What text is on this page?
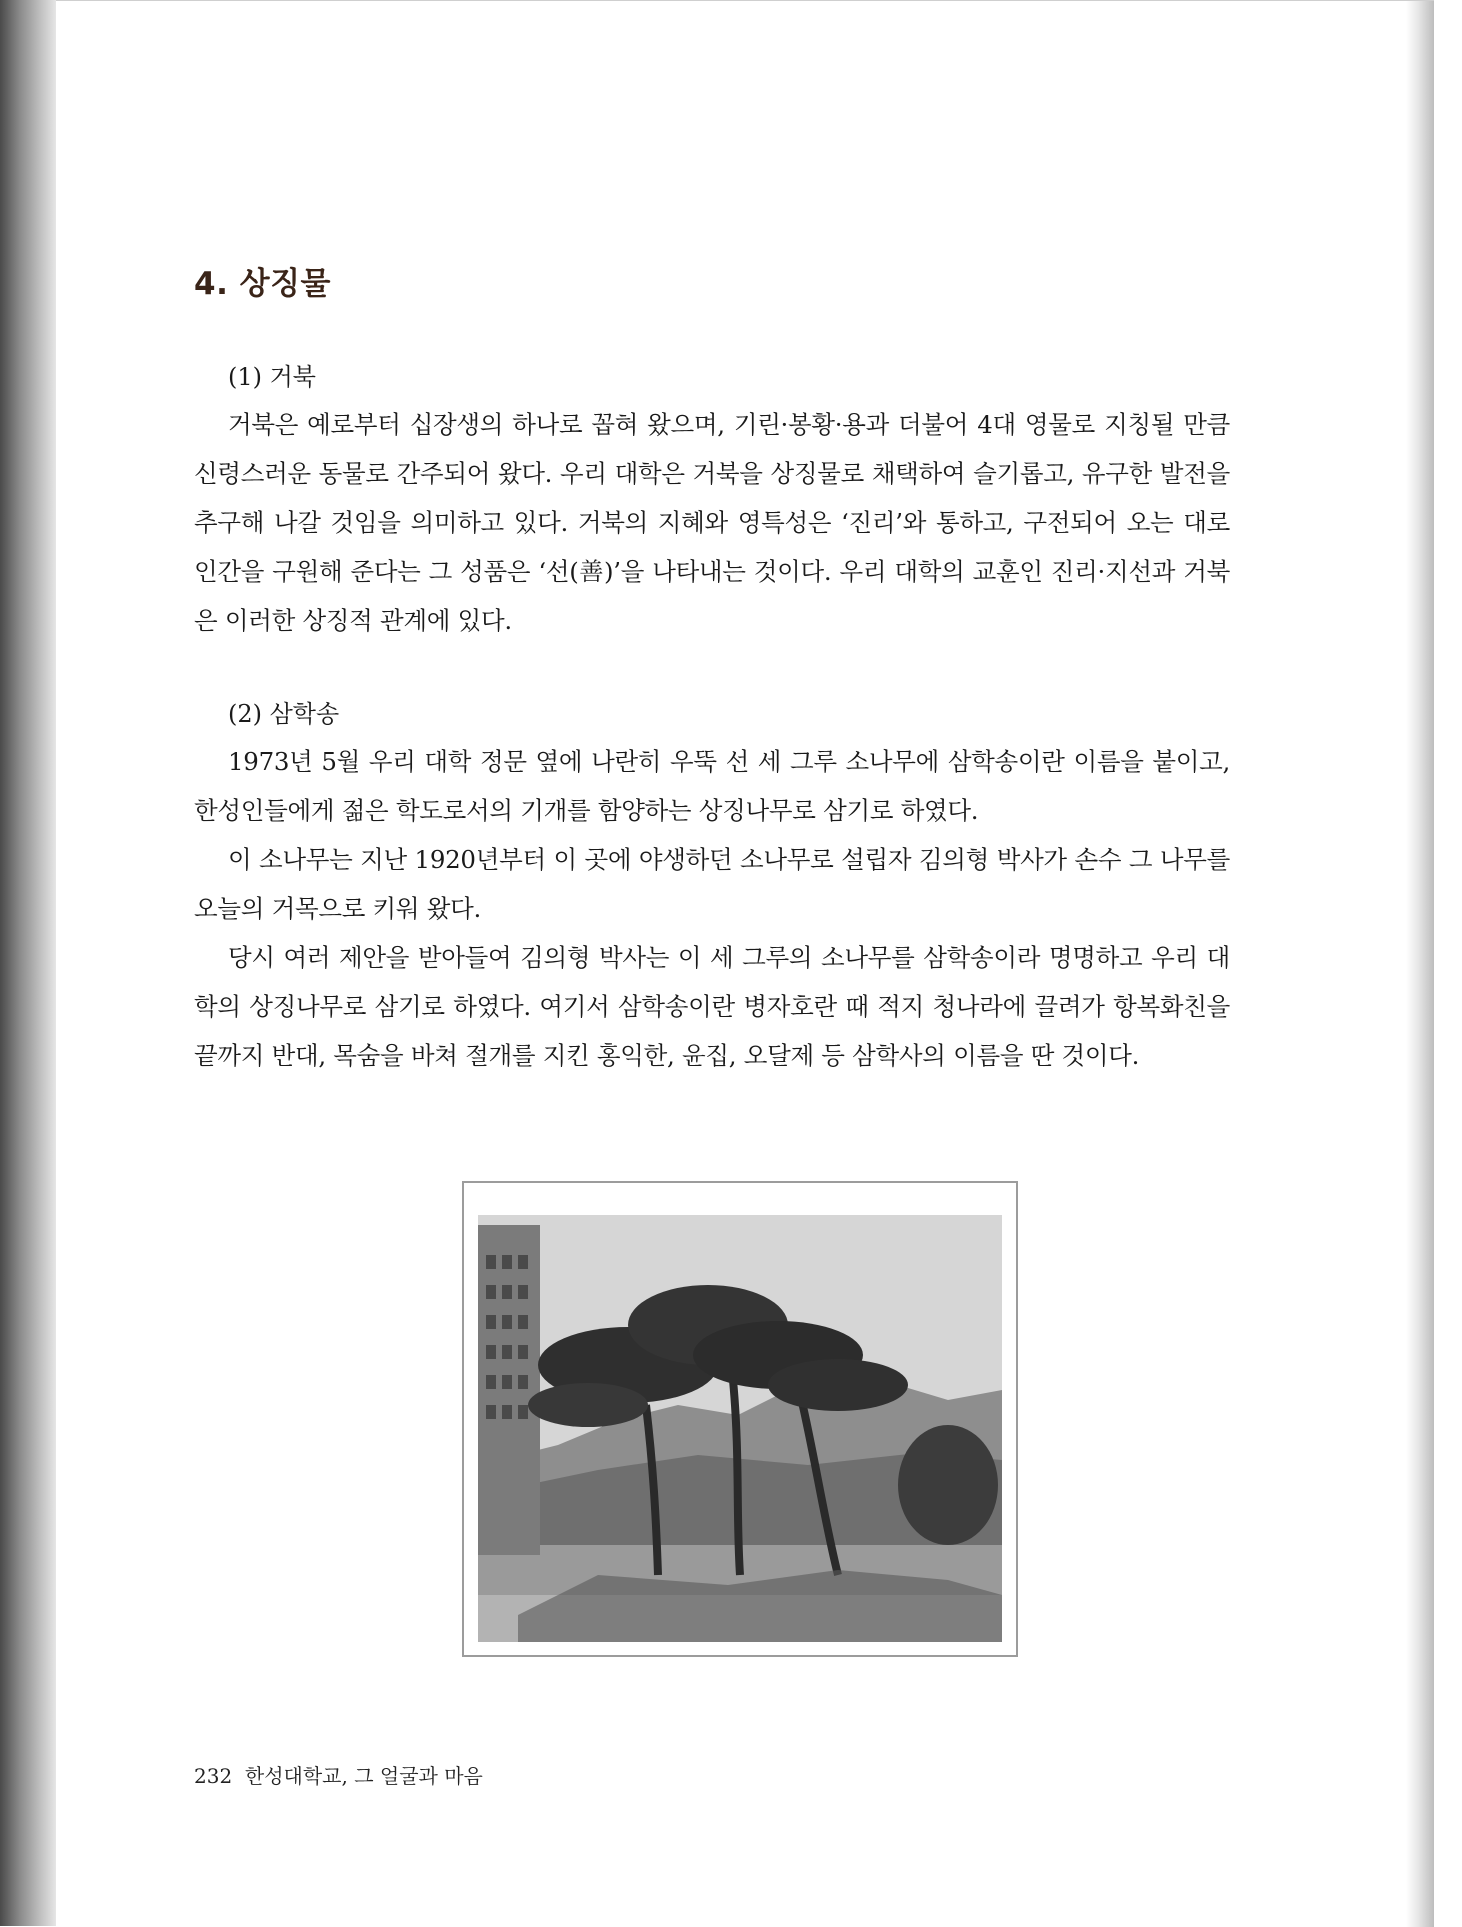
4. 상징물

(1) 거북

거북은 예로부터 십장생의 하나로 꼽혀 왔으며, 기린·봉황·용과 더불어 4대 영물로 지칭될 만큼 신령스러운 동물로 간주되어 왔다. 우리 대학은 거북을 상징물로 채택하여 슬기롭고, 유구한 발전을 추구해 나갈 것임을 의미하고 있다. 거북의 지혜와 영특성은 ‘진리’와 통하고, 구전되어 오는 대로 인간을 구원해 준다는 그 성품은 ‘선(善)’을 나타내는 것이다. 우리 대학의 교훈인 진리·지선과 거북은 이러한 상징적 관계에 있다.

(2) 삼학송

1973년 5월 우리 대학 정문 옆에 나란히 우뚝 선 세 그루 소나무에 삼학송이란 이름을 붙이고, 한성인들에게 젊은 학도로서의 기개를 함양하는 상징나무로 삼기로 하였다.

이 소나무는 지난 1920년부터 이 곳에 야생하던 소나무로 설립자 김의형 박사가 손수 그 나무를 오늘의 거목으로 키워 왔다.

당시 여러 제안을 받아들여 김의형 박사는 이 세 그루의 소나무를 삼학송이라 명명하고 우리 대학의 상징나무로 삼기로 하였다. 여기서 삼학송이란 병자호란 때 적지 청나라에 끌려가 항복화친을 끝까지 반대, 목숨을 바쳐 절개를 지킨 홍익한, 윤집, 오달제 등 삼학사의 이름을 딴 것이다.

232 한성대학교, 그 얼굴과 마음
